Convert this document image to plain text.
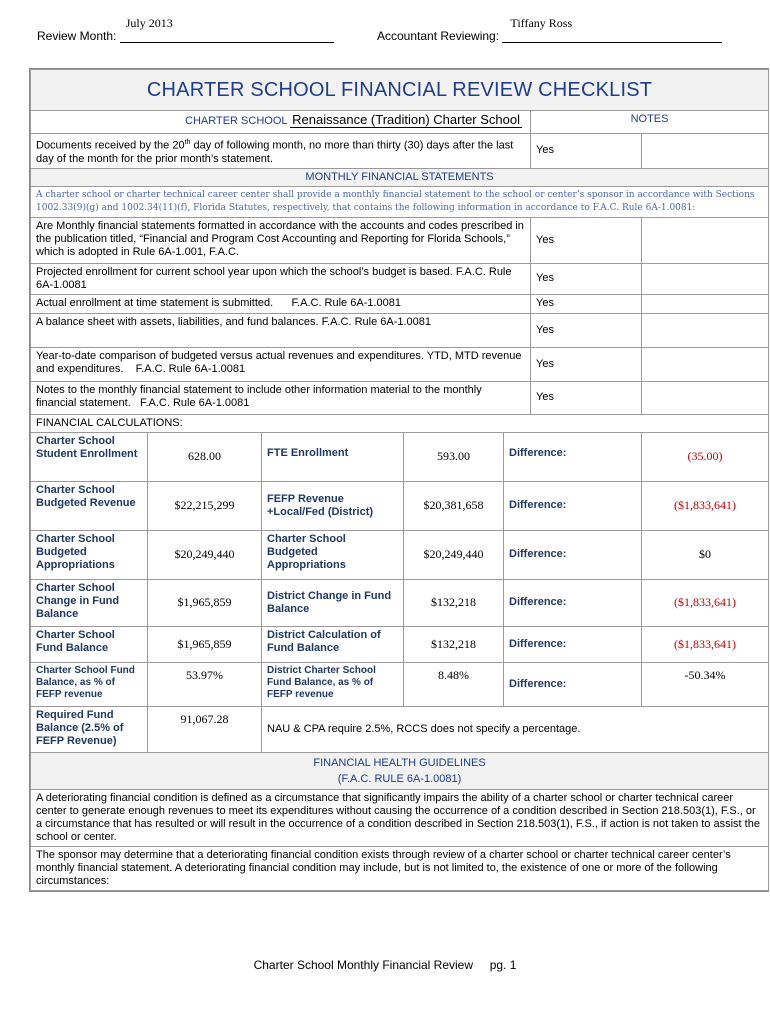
Review Month:
July 2013
Accountant Reviewing:
Tiffany Ross
CHARTER SCHOOL FINANCIAL REVIEW CHECKLIST						
CHARTER SCHOOL Renaissance (Tradition) Charter School					NOTES	
Documents received by the 20th day of following month, no more than thirty (30) days after the last day of the month for the prior month’s statement.					Yes	
MONTHLY FINANCIAL STATEMENTS						
A charter school or charter technical career center shall provide a monthly financial statement to the school or center’s sponsor in accordance with Sections 1002.33(9)(g) and 1002.34(11)(f), Florida Statutes, respectively, that contains the following information in accordance to F.A.C. Rule 6A-1.0081:						
Are Monthly financial statements formatted in accordance with the accounts and codes prescribed in the publication titled, “Financial and Program Cost Accounting and Reporting for Florida Schools,” which is adopted in Rule 6A-1.001, F.A.C.					Yes	
Projected enrollment for current school year upon which the school’s budget is based. F.A.C. Rule 6A-1.0081					Yes	
Actual enrollment at time statement is submitted.      F.A.C. Rule 6A-1.0081					Yes	
A balance sheet with assets, liabilities, and fund balances. F.A.C. Rule 6A-1.0081					Yes	
Year-to-date comparison of budgeted versus actual revenues and expenditures. YTD, MTD revenue and expenditures.    F.A.C. Rule 6A-1.0081					Yes	
Notes to the monthly financial statement to include other information material to the monthly financial statement.   F.A.C. Rule 6A-1.0081					Yes	
FINANCIAL CALCULATIONS:						
Charter School Student Enrollment	628.00	FTE Enrollment	593.00	Difference:		(35.00)
Charter School Budgeted Revenue	$22,215,299	FEFP Revenue +Local/Fed (District)	$20,381,658	Difference:		($1,833,641)
Charter School Budgeted Appropriations	$20,249,440	Charter School Budgeted Appropriations	$20,249,440	Difference:		$0
Charter School Change in Fund Balance	$1,965,859	District Change in Fund Balance	$132,218	Difference:		($1,833,641)
Charter School Fund Balance	$1,965,859	District Calculation of Fund Balance	$132,218	Difference:		($1,833,641)
Charter School Fund Balance, as % of FEFP revenue	53.97%	District Charter School Fund Balance, as % of FEFP revenue	8.48%	Difference:		-50.34%
Required Fund Balance (2.5% of FEFP Revenue)	91,067.28	NAU & CPA require 2.5%, RCCS does not specify a percentage.				

FINANCIAL HEALTH GUIDELINES
(F.A.C. RULE 6A-1.0081)						

A deteriorating financial condition is defined as a circumstance that significantly impairs the ability of a charter school or charter technical career center to generate enough revenues to meet its expenditures without causing the occurrence of a condition described in Section 218.503(1), F.S., or a circumstance that has resulted or will result in the occurrence of a condition described in Section 218.503(1), F.S., if action is not taken to assist the school or center.						
The sponsor may determine that a deteriorating financial condition exists through review of a charter school or charter technical career center’s monthly financial statement. A deteriorating financial condition may include, but is not limited to, the existence of one or more of the following circumstances:						
Charter School Monthly Financial Review pg. 1
